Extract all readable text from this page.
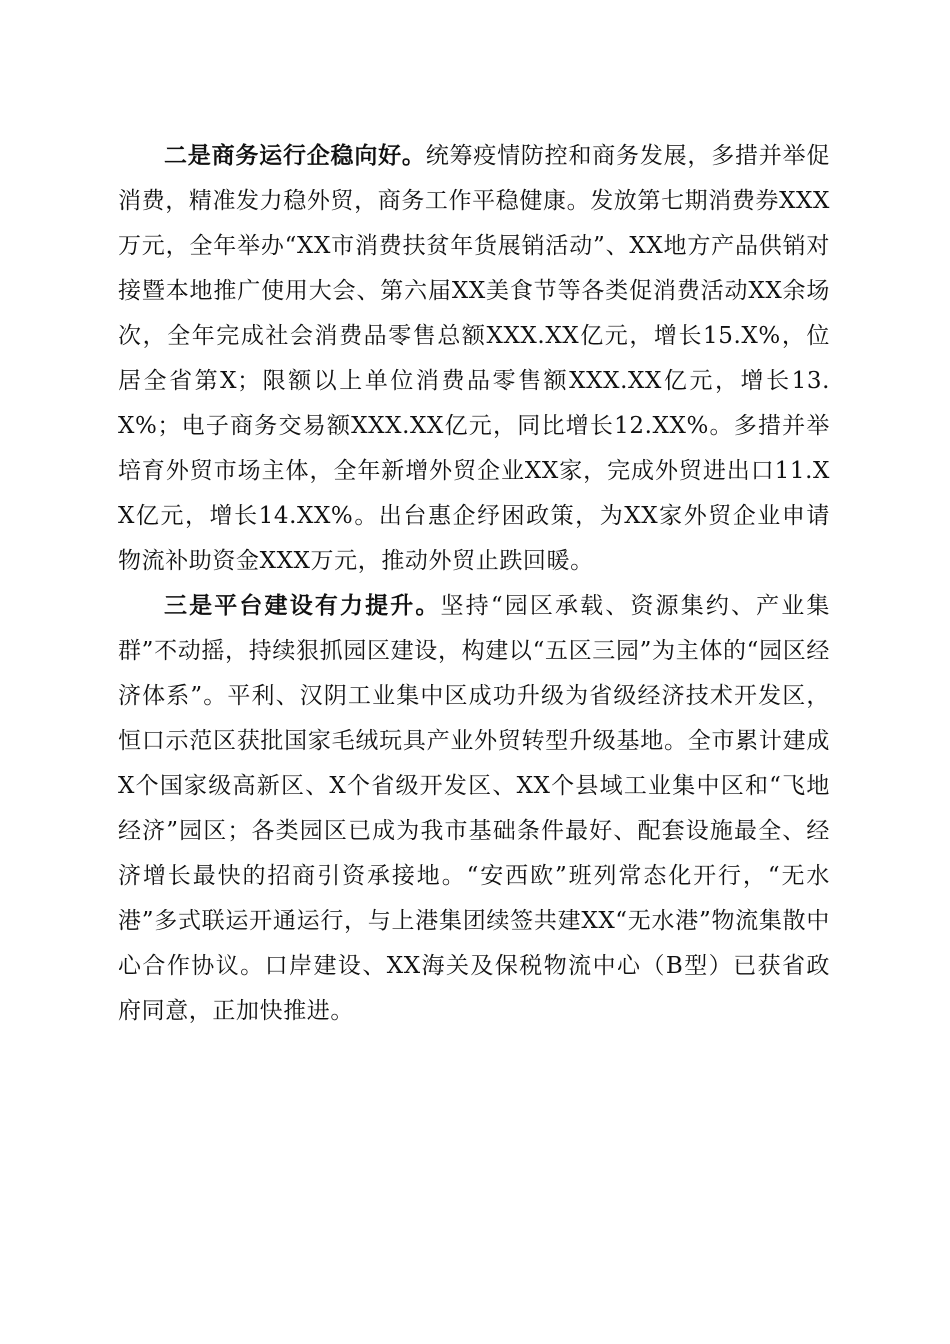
二是商务运行企稳向好。统筹疫情防控和商务发展，多措并举促消费，精准发力稳外贸，商务工作平稳健康。发放第七期消费券XXX万元，全年举办“XX市消费扶贫年货展销活动”、XX地方产品供销对接暨本地推广使用大会、第六届XX美食节等各类促消费活动XX余场次，全年完成社会消费品零售总额XXX.XX亿元，增长15.X%，位居全省第X；限额以上单位消费品零售额XXX.XX亿元，增长13.X%；电子商务交易额XXX.XX亿元，同比增长12.XX%。多措并举培育外贸市场主体，全年新增外贸企业XX家，完成外贸进出口11.XX亿元，增长14.XX%。出台惠企纾困政策，为XX家外贸企业申请物流补助资金XXX万元，推动外贸止跌回暖。

三是平台建设有力提升。坚持“园区承载、资源集约、产业集群”不动摇，持续狠抓园区建设，构建以“五区三园”为主体的“园区经济体系”。平利、汉阴工业集中区成功升级为省级经济技术开发区，恒口示范区获批国家毛绒玩具产业外贸转型升级基地。全市累计建成X个国家级高新区、X个省级开发区、XX个县域工业集中区和“飞地经济”园区；各类园区已成为我市基础条件最好、配套设施最全、经济增长最快的招商引资承接地。“安西欧”班列常态化开行，“无水港”多式联运开通运行，与上港集团续签共建XX“无水港”物流集散中心合作协议。口岸建设、XX海关及保税物流中心（B型）已获省政府同意，正加快推进。
